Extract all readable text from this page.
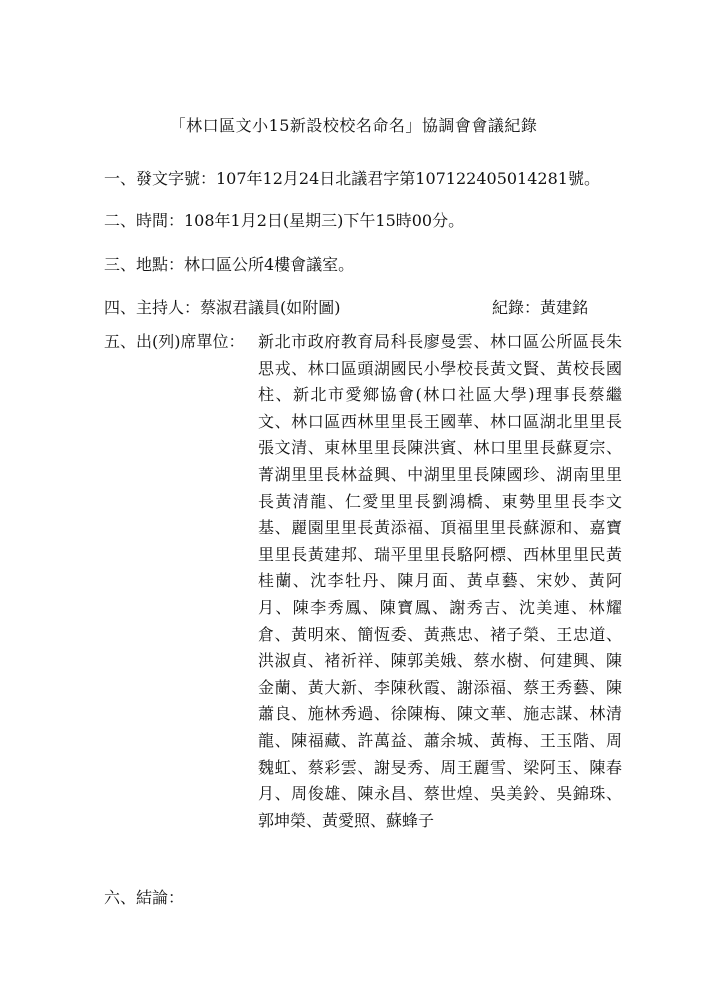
「林口區文小15新設校校名命名」協調會會議紀錄
一、發文字號：107年12月24日北議君字第107122405014281號。
二、時間：108年1月2日(星期三)下午15時00分。
三、地點：林口區公所4樓會議室。
四、主持人：蔡淑君議員(如附圖)	紀錄：黃建銘
五、出(列)席單位： 新北市政府教育局科長廖曼雲、林口區公所區長朱思戎、林口區頭湖國民小學校長黃文賢、黃校長國柱、新北市愛鄉協會(林口社區大學)理事長蔡繼文、林口區西林里里長王國華、林口區湖北里里長張文清、東林里里長陳洪賓、林口里里長蘇夏宗、菁湖里里長林益興、中湖里里長陳國珍、湖南里里長黃清龍、仁愛里里長劉鴻橋、東勢里里長李文基、麗園里里長黃添福、頂福里里長蘇源和、嘉寶里里長黃建邦、瑞平里里長駱阿標、西林里里民黃桂蘭、沈李牡丹、陳月面、黃卓藝、宋妙、黃阿月、陳李秀鳳、陳寶鳳、謝秀吉、沈美連、林耀倉、黃明來、簡恆委、黃燕忠、褚子榮、王忠道、洪淑貞、褚祈祥、陳郭美娥、蔡水樹、何建興、陳金蘭、黃大新、李陳秋霞、謝添福、蔡王秀藝、陳蕭良、施林秀過、徐陳梅、陳文華、施志謀、林清龍、陳福藏、許萬益、蕭余城、黃梅、王玉階、周魏虹、蔡彩雲、謝旻秀、周王麗雪、梁阿玉、陳春月、周俊雄、陳永昌、蔡世煌、吳美鈴、吳錦珠、郭坤榮、黃愛照、蘇蜂子
六、結論：
